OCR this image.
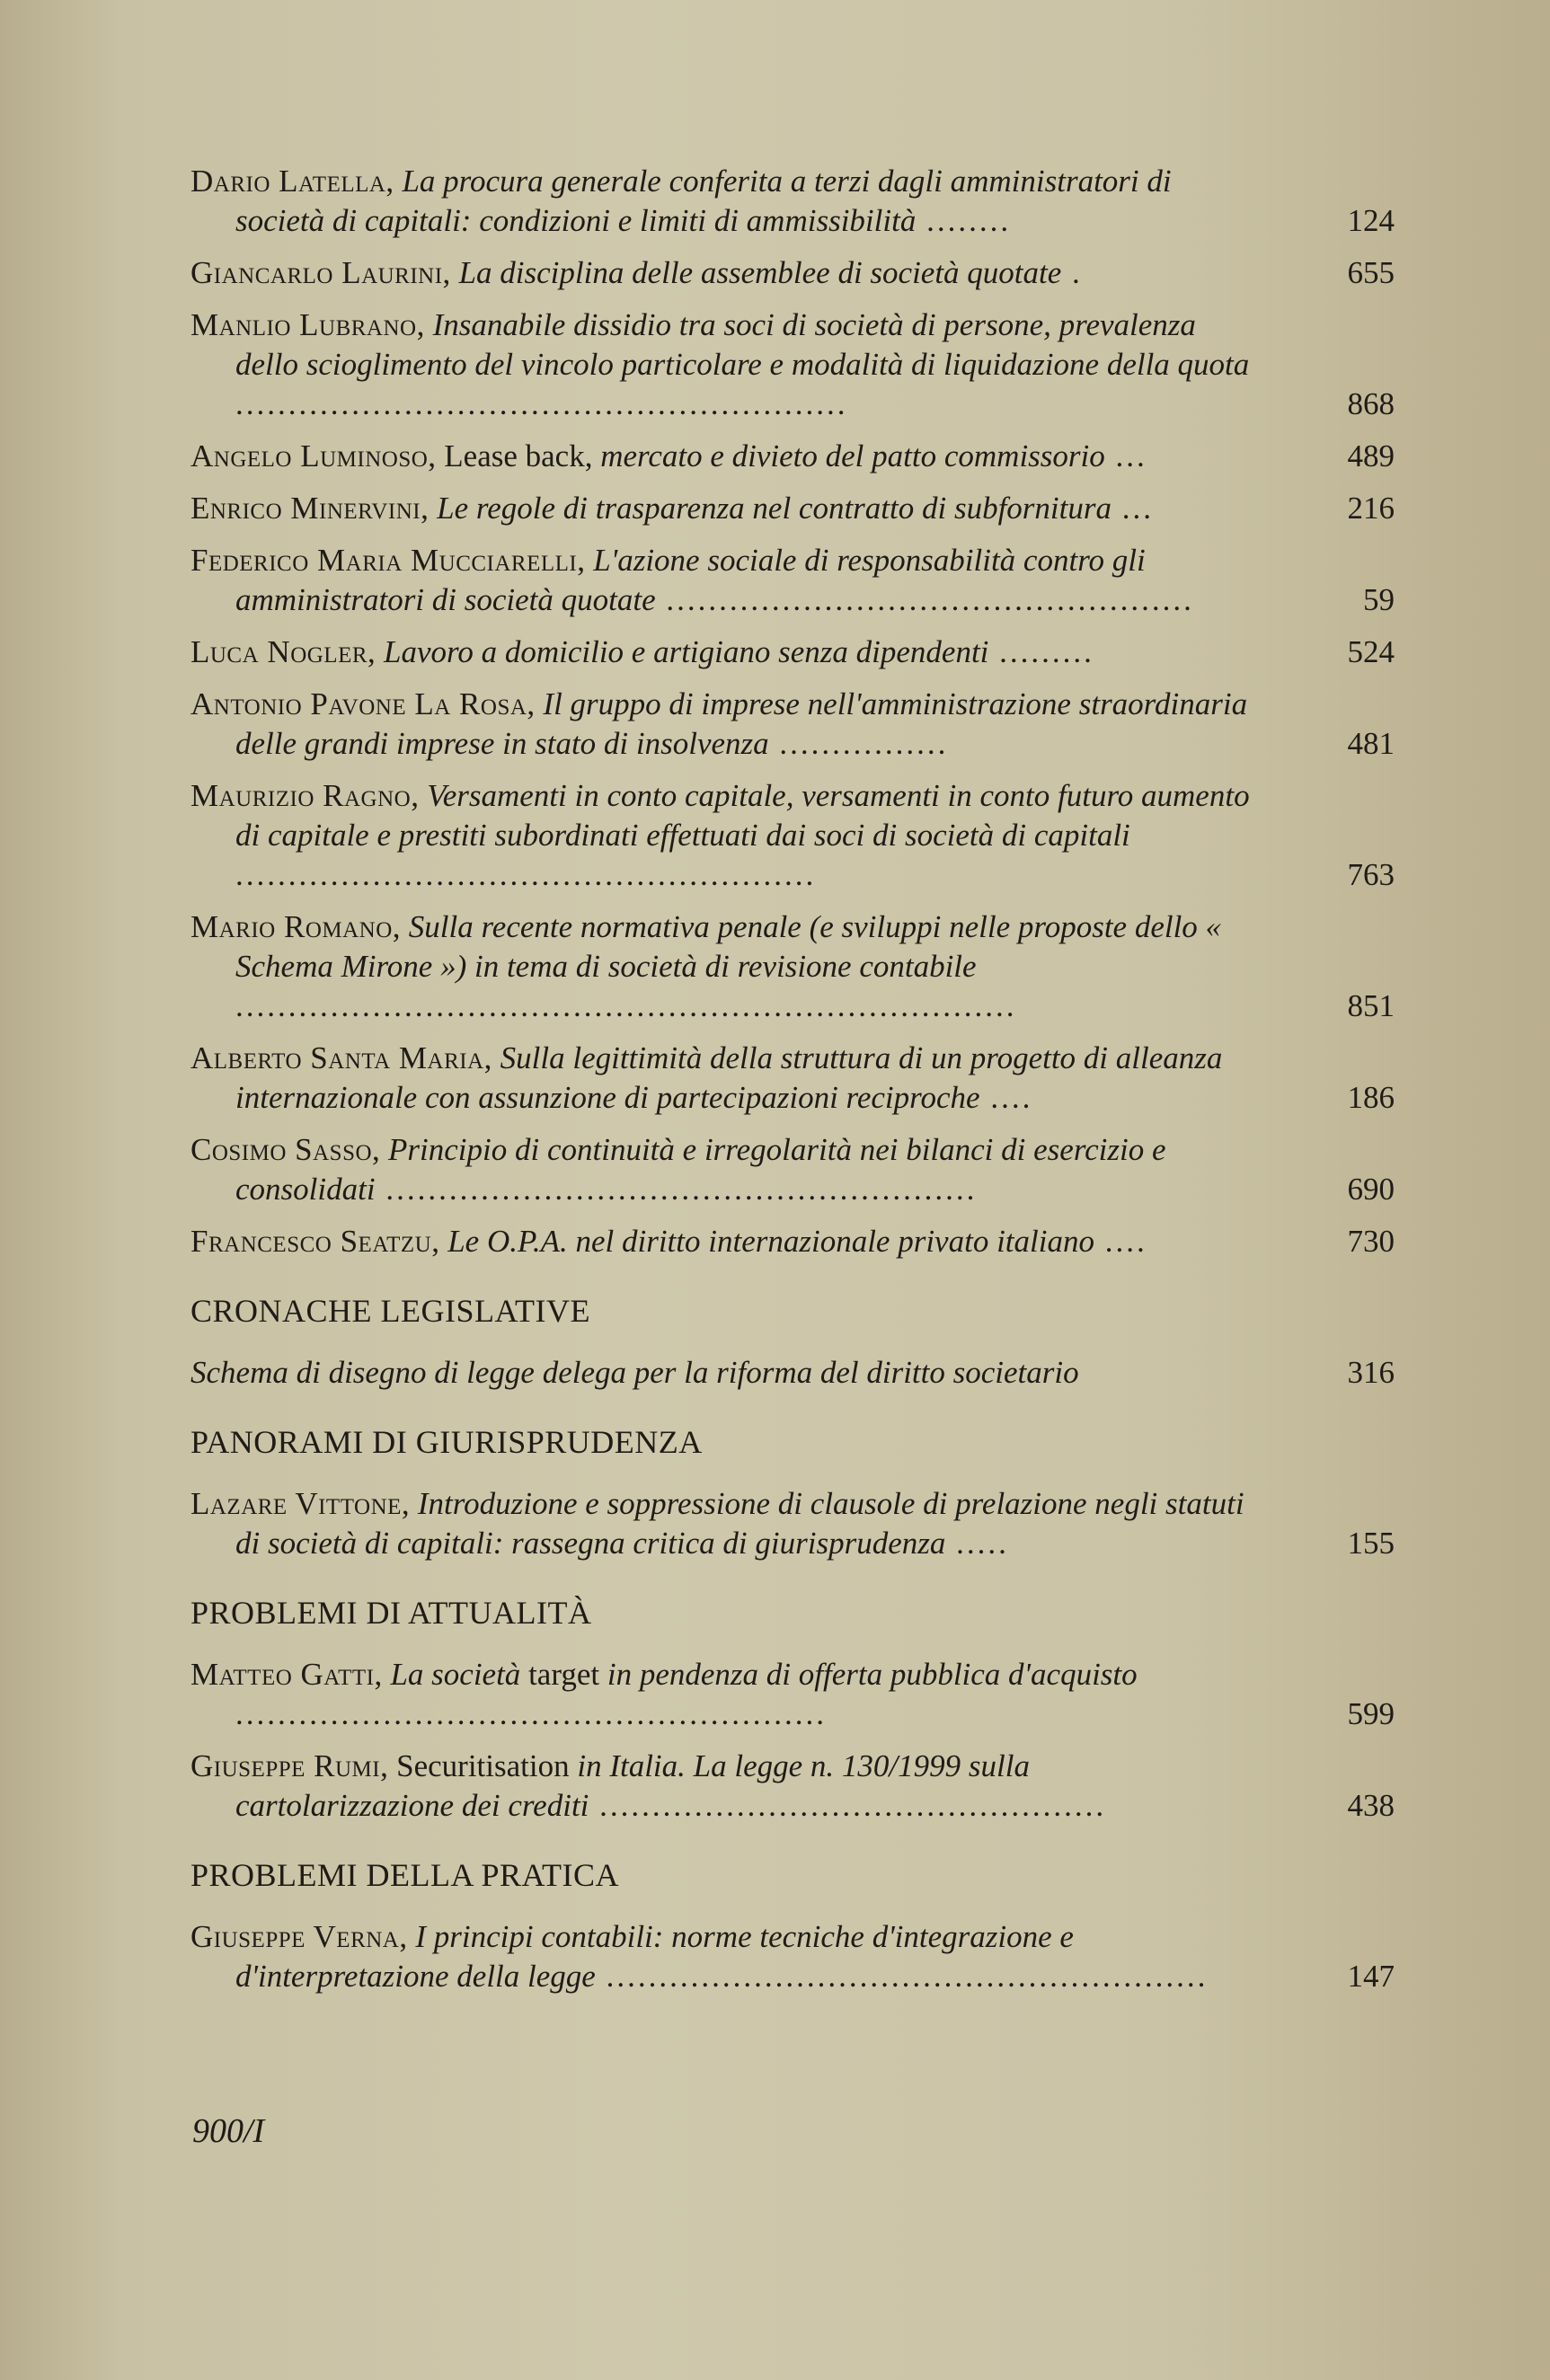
Dario Latella, La procura generale conferita a terzi dagli amministratori di società di capitali: condizioni e limiti di ammissibilità ........	124
Giancarlo Laurini, La disciplina delle assemblee di società quotate .	655
Manlio Lubrano, Insanabile dissidio tra soci di società di persone, prevalenza dello scioglimento del vincolo particolare e modalità di liquidazione della quota ..........................................................	868
Angelo Luminoso, Lease back, mercato e divieto del patto commissorio ...	489
Enrico Minervini, Le regole di trasparenza nel contratto di subfornitura ...	216
Federico Maria Mucciarelli, L'azione sociale di responsabilità contro gli amministratori di società quotate ..................................................	59
Luca Nogler, Lavoro a domicilio e artigiano senza dipendenti .........	524
Antonio Pavone La Rosa, Il gruppo di imprese nell'amministrazione straordinaria delle grandi imprese in stato di insolvenza ................	481
Maurizio Ragno, Versamenti in conto capitale, versamenti in conto futuro aumento di capitale e prestiti subordinati effettuati dai soci di società di capitali .......................................................	763
Mario Romano, Sulla recente normativa penale (e sviluppi nelle proposte dello « Schema Mirone ») in tema di società di revisione contabile ..........................................................................	851
Alberto Santa Maria, Sulla legittimità della struttura di un progetto di alleanza internazionale con assunzione di partecipazioni reciproche ....	186
Cosimo Sasso, Principio di continuità e irregolarità nei bilanci di esercizio e consolidati ........................................................	690
Francesco Seatzu, Le O.P.A. nel diritto internazionale privato italiano ....	730
CRONACHE LEGISLATIVE
Schema di disegno di legge delega per la riforma del diritto societario	316
PANORAMI DI GIURISPRUDENZA
Lazare Vittone, Introduzione e soppressione di clausole di prelazione negli statuti di società di capitali: rassegna critica di giurisprudenza .....	155
PROBLEMI DI ATTUALITÀ
Matteo Gatti, La società target in pendenza di offerta pubblica d'acquisto ........................................................	599
Giuseppe Rumi, Securitisation in Italia. La legge n. 130/1999 sulla cartolarizzazione dei crediti ................................................	438
PROBLEMI DELLA PRATICA
Giuseppe Verna, I principi contabili: norme tecniche d'integrazione e d'interpretazione della legge .........................................................	147
900/I
